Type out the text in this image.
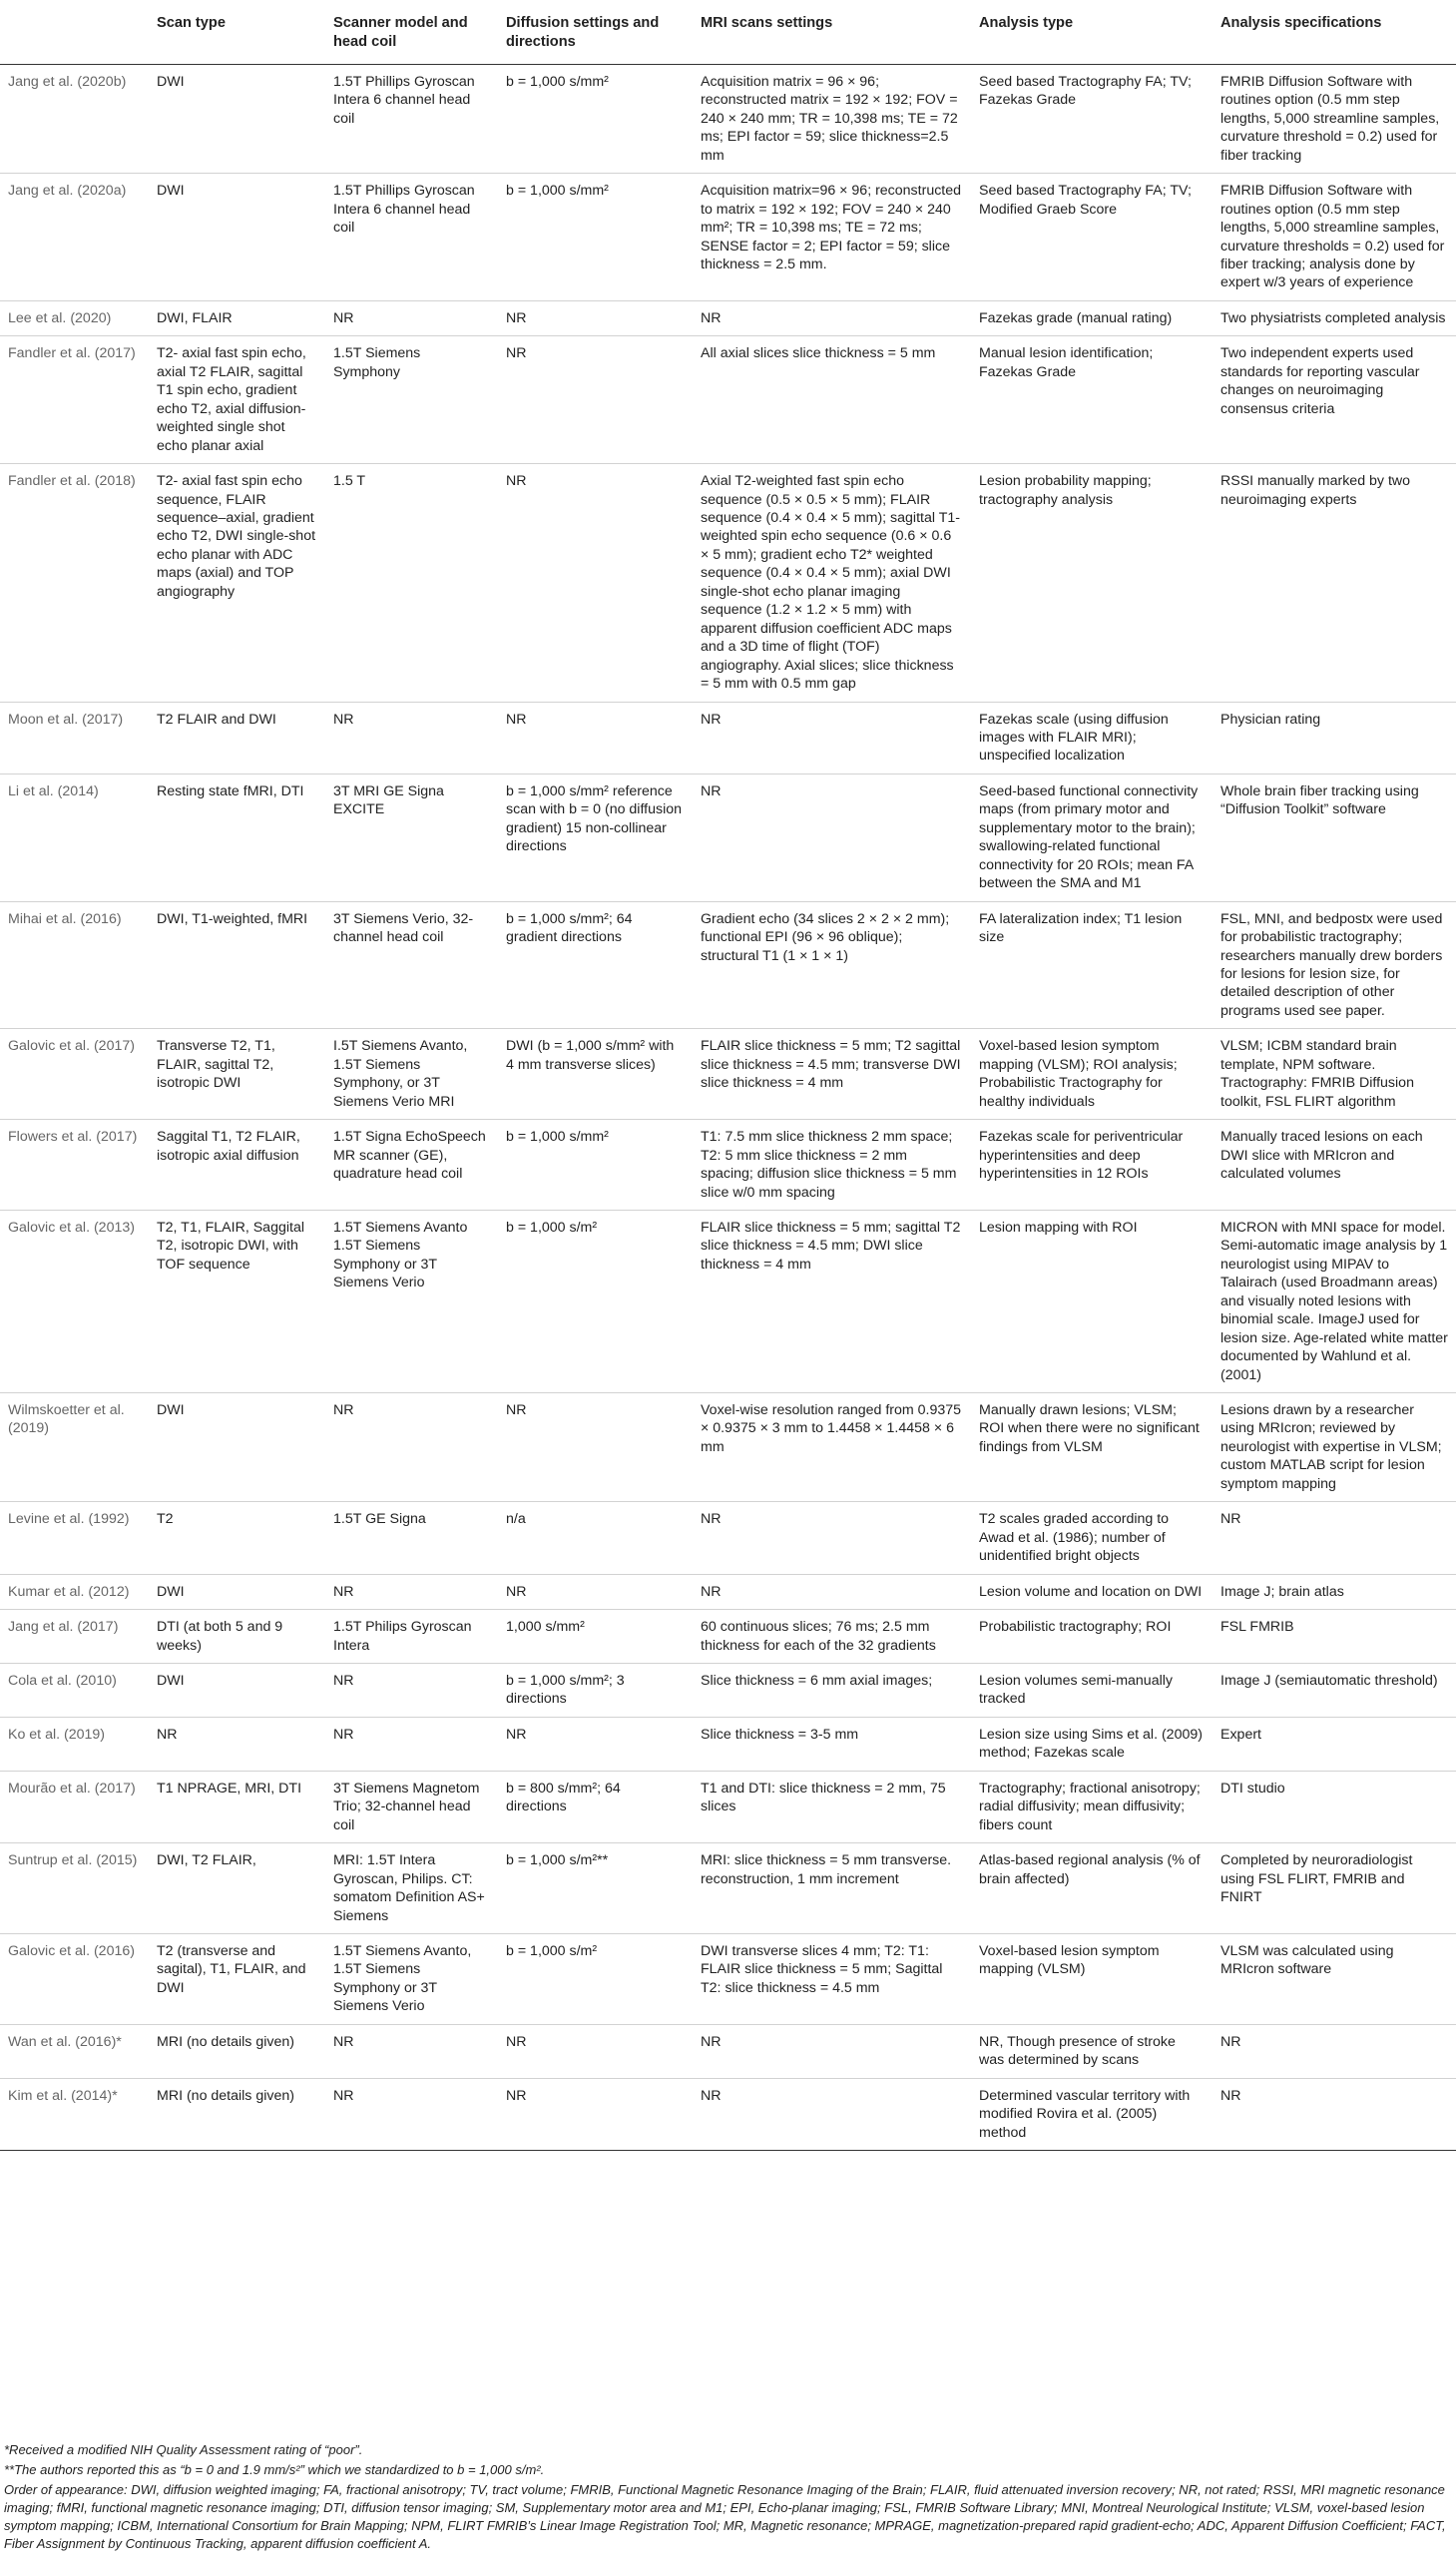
	Scan type	Scanner model and head coil	Diffusion settings and directions	MRI scans settings	Analysis type	Analysis specifications
Jang et al. (2020b)	DWI	1.5T Phillips Gyroscan Intera 6 channel head coil	b = 1,000 s/mm²	Acquisition matrix = 96 × 96; reconstructed matrix = 192 × 192; FOV = 240 × 240 mm; TR = 10,398 ms; TE = 72 ms; EPI factor = 59; slice thickness=2.5 mm	Seed based Tractography FA; TV; Fazekas Grade	FMRIB Diffusion Software with routines option (0.5 mm step lengths, 5,000 streamline samples, curvature threshold = 0.2) used for fiber tracking
Jang et al. (2020a)	DWI	1.5T Phillips Gyroscan Intera 6 channel head coil	b = 1,000 s/mm²	Acquisition matrix=96 × 96; reconstructed to matrix = 192 × 192; FOV = 240 × 240 mm²; TR = 10,398 ms; TE = 72 ms; SENSE factor = 2; EPI factor = 59; slice thickness = 2.5 mm.	Seed based Tractography FA; TV; Modified Graeb Score	FMRIB Diffusion Software with routines option (0.5 mm step lengths, 5,000 streamline samples, curvature thresholds = 0.2) used for fiber tracking; analysis done by expert w/3 years of experience
Lee et al. (2020)	DWI, FLAIR	NR	NR	NR	Fazekas grade (manual rating)	Two physiatrists completed analysis
Fandler et al. (2017)	T2- axial fast spin echo, axial T2 FLAIR, sagittal T1 spin echo, gradient echo T2, axial diffusion-weighted single shot echo planar axial	1.5T Siemens Symphony	NR	All axial slices slice thickness = 5 mm	Manual lesion identification; Fazekas Grade	Two independent experts used standards for reporting vascular changes on neuroimaging consensus criteria
Fandler et al. (2018)	T2- axial fast spin echo sequence, FLAIR sequence–axial, gradient echo T2, DWI single-shot echo planar with ADC maps (axial) and TOP angiography	1.5 T	NR	Axial T2-weighted fast spin echo sequence (0.5 × 0.5 × 5 mm); FLAIR sequence (0.4 × 0.4 × 5 mm); sagittal T1-weighted spin echo sequence (0.6 × 0.6 × 5 mm); gradient echo T2* weighted sequence (0.4 × 0.4 × 5 mm); axial DWI single-shot echo planar imaging sequence (1.2 × 1.2 × 5 mm) with apparent diffusion coefficient ADC maps and a 3D time of flight (TOF) angiography. Axial slices; slice thickness = 5 mm with 0.5 mm gap	Lesion probability mapping; tractography analysis	RSSI manually marked by two neuroimaging experts
Moon et al. (2017)	T2 FLAIR and DWI	NR	NR	NR	Fazekas scale (using diffusion images with FLAIR MRI); unspecified localization	Physician rating
Li et al. (2014)	Resting state fMRI, DTI	3T MRI GE Signa EXCITE	b = 1,000 s/mm² reference scan with b = 0 (no diffusion gradient) 15 non-collinear directions	NR	Seed-based functional connectivity maps (from primary motor and supplementary motor to the brain); swallowing-related functional connectivity for 20 ROIs; mean FA between the SMA and M1	Whole brain fiber tracking using “Diffusion Toolkit” software
Mihai et al. (2016)	DWI, T1-weighted, fMRI	3T Siemens Verio, 32-channel head coil	b = 1,000 s/mm²; 64 gradient directions	Gradient echo (34 slices 2 × 2 × 2 mm); functional EPI (96 × 96 oblique); structural T1 (1 × 1 × 1)	FA lateralization index; T1 lesion size	FSL, MNI, and bedpostx were used for probabilistic tractography; researchers manually drew borders for lesions for lesion size, for detailed description of other programs used see paper.
Galovic et al. (2017)	Transverse T2, T1, FLAIR, sagittal T2, isotropic DWI	I.5T Siemens Avanto, 1.5T Siemens Symphony, or 3T Siemens Verio MRI	DWI (b = 1,000 s/mm² with 4 mm transverse slices)	FLAIR slice thickness = 5 mm; T2 sagittal slice thickness = 4.5 mm; transverse DWI slice thickness = 4 mm	Voxel-based lesion symptom mapping (VLSM); ROI analysis; Probabilistic Tractography for healthy individuals	VLSM; ICBM standard brain template, NPM software. Tractography: FMRIB Diffusion toolkit, FSL FLIRT algorithm
Flowers et al. (2017)	Saggital T1, T2 FLAIR, isotropic axial diffusion	1.5T Signa EchoSpeech MR scanner (GE), quadrature head coil	b = 1,000 s/mm²	T1: 7.5 mm slice thickness 2 mm space; T2: 5 mm slice thickness = 2 mm spacing; diffusion slice thickness = 5 mm slice w/0 mm spacing	Fazekas scale for periventricular hyperintensities and deep hyperintensities in 12 ROIs	Manually traced lesions on each DWI slice with MRIcron and calculated volumes
Galovic et al. (2013)	T2, T1, FLAIR, Saggital T2, isotropic DWI, with TOF sequence	1.5T Siemens Avanto 1.5T Siemens Symphony or 3T Siemens Verio	b = 1,000 s/m²	FLAIR slice thickness = 5 mm; sagittal T2 slice thickness = 4.5 mm; DWI slice thickness = 4 mm	Lesion mapping with ROI	MICRON with MNI space for model. Semi-automatic image analysis by 1 neurologist using MIPAV to Talairach (used Broadmann areas) and visually noted lesions with binomial scale. ImageJ used for lesion size. Age-related white matter documented by Wahlund et al. (2001)
Wilmskoetter et al. (2019)	DWI	NR	NR	Voxel-wise resolution ranged from 0.9375 × 0.9375 × 3 mm to 1.4458 × 1.4458 × 6 mm	Manually drawn lesions; VLSM; ROI when there were no significant findings from VLSM	Lesions drawn by a researcher using MRIcron; reviewed by neurologist with expertise in VLSM; custom MATLAB script for lesion symptom mapping
Levine et al. (1992)	T2	1.5T GE Signa	n/a	NR	T2 scales graded according to Awad et al. (1986); number of unidentified bright objects	NR
Kumar et al. (2012)	DWI	NR	NR	NR	Lesion volume and location on DWI	Image J; brain atlas
Jang et al. (2017)	DTI (at both 5 and 9 weeks)	1.5T Philips Gyroscan Intera	1,000 s/mm²	60 continuous slices; 76 ms; 2.5 mm thickness for each of the 32 gradients	Probabilistic tractography; ROI	FSL FMRIB
Cola et al. (2010)	DWI	NR	b = 1,000 s/mm²; 3 directions	Slice thickness = 6 mm axial images;	Lesion volumes semi-manually tracked	Image J (semiautomatic threshold)
Ko et al. (2019)	NR	NR	NR	Slice thickness = 3-5 mm	Lesion size using Sims et al. (2009) method; Fazekas scale	Expert
Mourão et al. (2017)	T1 NPRAGE, MRI, DTI	3T Siemens Magnetom Trio; 32-channel head coil	b = 800 s/mm²; 64 directions	T1 and DTI: slice thickness = 2 mm, 75 slices	Tractography; fractional anisotropy; radial diffusivity; mean diffusivity; fibers count	DTI studio
Suntrup et al. (2015)	DWI, T2 FLAIR,	MRI: 1.5T Intera Gyroscan, Philips. CT: somatom Definition AS+ Siemens	b = 1,000 s/m²**	MRI: slice thickness = 5 mm transverse. reconstruction, 1 mm increment	Atlas-based regional analysis (% of brain affected)	Completed by neuroradiologist using FSL FLIRT, FMRIB and FNIRT
Galovic et al. (2016)	T2 (transverse and sagital), T1, FLAIR, and DWI	1.5T Siemens Avanto, 1.5T Siemens Symphony or 3T Siemens Verio	b = 1,000 s/m²	DWI transverse slices 4 mm; T2: T1: FLAIR slice thickness = 5 mm; Sagittal T2: slice thickness = 4.5 mm	Voxel-based lesion symptom mapping (VLSM)	VLSM was calculated using MRIcron software
Wan et al. (2016)*	MRI (no details given)	NR	NR	NR	NR, Though presence of stroke was determined by scans	NR
Kim et al. (2014)*	MRI (no details given)	NR	NR	NR	Determined vascular territory with modified Rovira et al. (2005) method	NR

*Received a modified NIH Quality Assessment rating of “poor”.

**The authors reported this as “b = 0 and 1.9 mm/s²” which we standardized to b = 1,000 s/m².

Order of appearance: DWI, diffusion weighted imaging; FA, fractional anisotropy; TV, tract volume; FMRIB, Functional Magnetic Resonance Imaging of the Brain; FLAIR, fluid attenuated inversion recovery; NR, not rated; RSSI, MRI magnetic resonance imaging; fMRI, functional magnetic resonance imaging; DTI, diffusion tensor imaging; SM, Supplementary motor area and M1; EPI, Echo-planar imaging; FSL, FMRIB Software Library; MNI, Montreal Neurological Institute; VLSM, voxel-based lesion symptom mapping; ICBM, International Consortium for Brain Mapping; NPM, FLIRT FMRIB’s Linear Image Registration Tool; MR, Magnetic resonance; MPRAGE, magnetization-prepared rapid gradient-echo; ADC, Apparent Diffusion Coefficient; FACT, Fiber Assignment by Continuous Tracking, apparent diffusion coefficient A.
